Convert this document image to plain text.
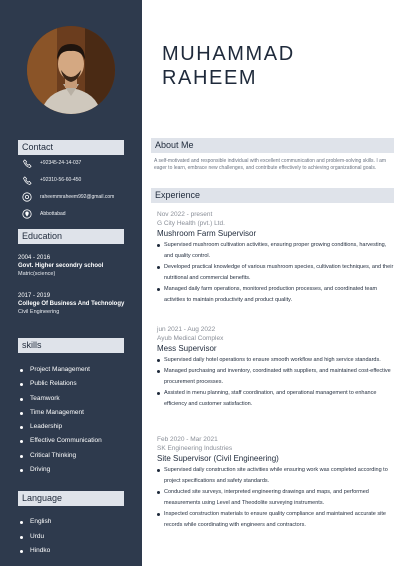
Contact
+92345-24-14-037
+92310-56-60-450
raheemmraheem992@gmail.com
Abbottabad
Education
2004 - 2016
Govt. Higher secondry school
Matric(science)
2017 - 2019
College Of Business And Technology
Civil Engineering
skills
Project Management
Public Relations
Teamwork
Time Management
Leadership
Effective Communication
Critical Thinking
Driving
Language
English
Urdu
Hindko
MUHAMMAD
RAHEEM
About Me

A self-motivated and responsible individual with excellent communication and problem-solving skills. I am eager to learn, embrace new challenges, and contribute effectively to achieving organizational goals.

Experience
Nov 2022 - present
G City Health (pvt.) Ltd.
Mushroom Farm Supervisor
Supervised mushroom cultivation activities, ensuring proper growing conditions, harvesting, and quality control.
Developed practical knowledge of various mushroom species, cultivation techniques, and their nutritional and commercial benefits.
Managed daily farm operations, monitored production processes, and coordinated team activities to maintain productivity and product quality.
jun 2021 - Aug 2022
Ayub Medical Complex
Mess Supervisor
Supervised daily hotel operations to ensure smooth workflow and high service standards.
Managed purchasing and inventory, coordinated with suppliers, and maintained cost-effective procurement processes.
Assisted in menu planning, staff coordination, and operational management to enhance efficiency and customer satisfaction.
Feb 2020 - Mar 2021
SK Engineering Industries
Site Supervisor (Civil Engineering)
Supervised daily construction site activities while ensuring work was completed according to project specifications and safety standards.
Conducted site surveys, interpreted engineering drawings and maps, and performed measurements using Level and Theodolite surveying instruments.
Inspected construction materials to ensure quality compliance and maintained accurate site records while coordinating with engineers and contractors.
